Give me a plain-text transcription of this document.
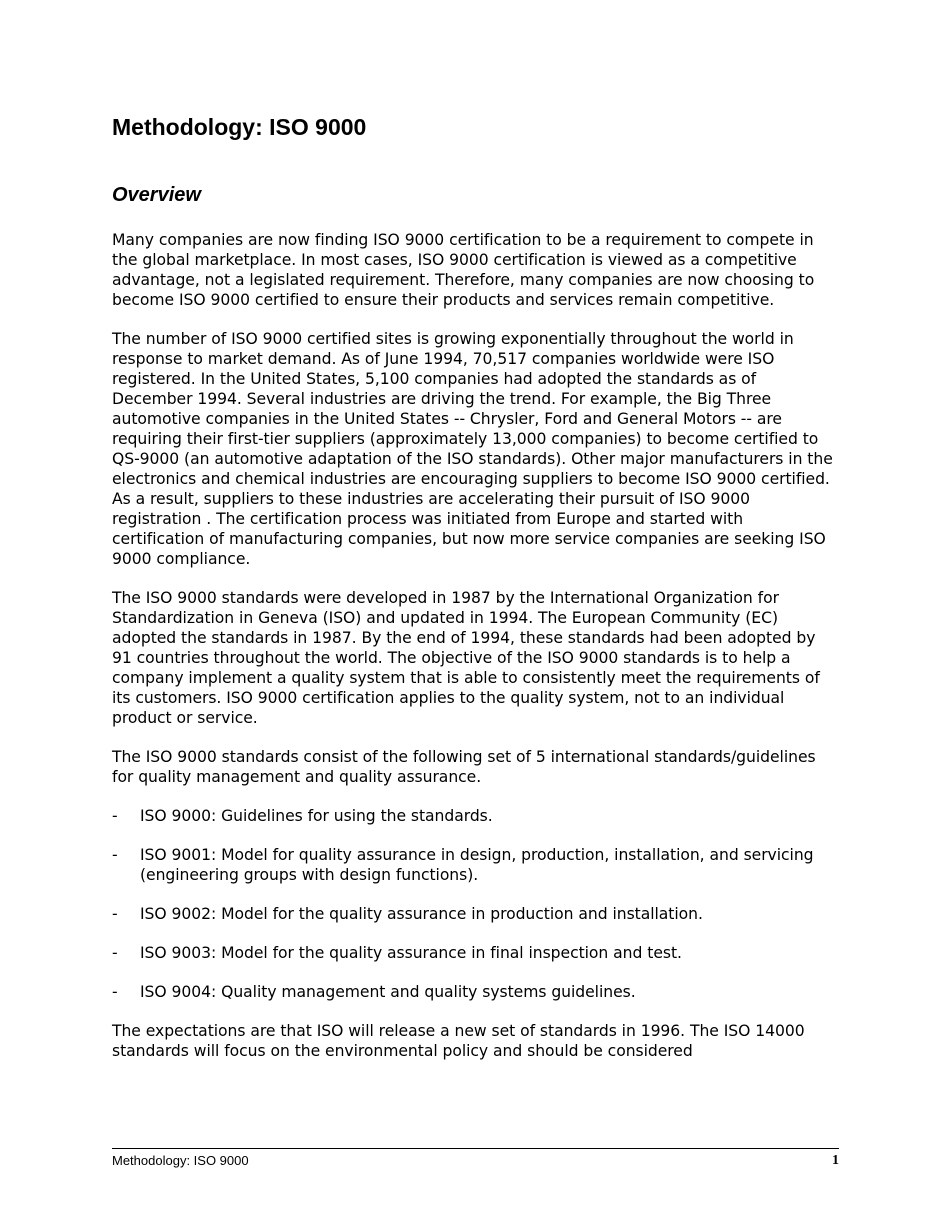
Methodology: ISO 9000
Overview

Many companies are now finding ISO 9000 certification to be a requirement to compete in the global marketplace. In most cases, ISO 9000 certification is viewed as a competitive advantage, not a legislated requirement. Therefore, many companies are now choosing to become ISO 9000 certified to ensure their products and services remain competitive.

The number of ISO 9000 certified sites is growing exponentially throughout the world in response to market demand. As of June 1994, 70,517 companies worldwide were ISO registered. In the United States, 5,100 companies had adopted the standards as of December 1994. Several industries are driving the trend. For example, the Big Three automotive companies in the United States -- Chrysler, Ford and General Motors -- are requiring their first-tier suppliers (approximately 13,000 companies) to become certified to QS-9000 (an automotive adaptation of the ISO standards). Other major manufacturers in the electronics and chemical industries are encouraging suppliers to become ISO 9000 certified. As a result, suppliers to these industries are accelerating their pursuit of ISO 9000 registration . The certification process was initiated from Europe and started with certification of manufacturing companies, but now more service companies are seeking ISO 9000 compliance.

The ISO 9000 standards were developed in 1987 by the International Organization for Standardization in Geneva (ISO) and updated in 1994. The European Community (EC) adopted the standards in 1987. By the end of 1994, these standards had been adopted by 91 countries throughout the world. The objective of the ISO 9000 standards is to help a company implement a quality system that is able to consistently meet the requirements of its customers. ISO 9000 certification applies to the quality system, not to an individual product or service.

The ISO 9000 standards consist of the following set of 5 international standards/guidelines for quality management and quality assurance.

- ISO 9000: Guidelines for using the standards.
- ISO 9001: Model for quality assurance in design, production, installation, and servicing (engineering groups with design functions).
- ISO 9002: Model for the quality assurance in production and installation.
- ISO 9003: Model for the quality assurance in final inspection and test.
- ISO 9004: Quality management and quality systems guidelines.

The expectations are that ISO will release a new set of standards in 1996. The ISO 14000 standards will focus on the environmental policy and should be considered

Methodology: ISO 9000	1
